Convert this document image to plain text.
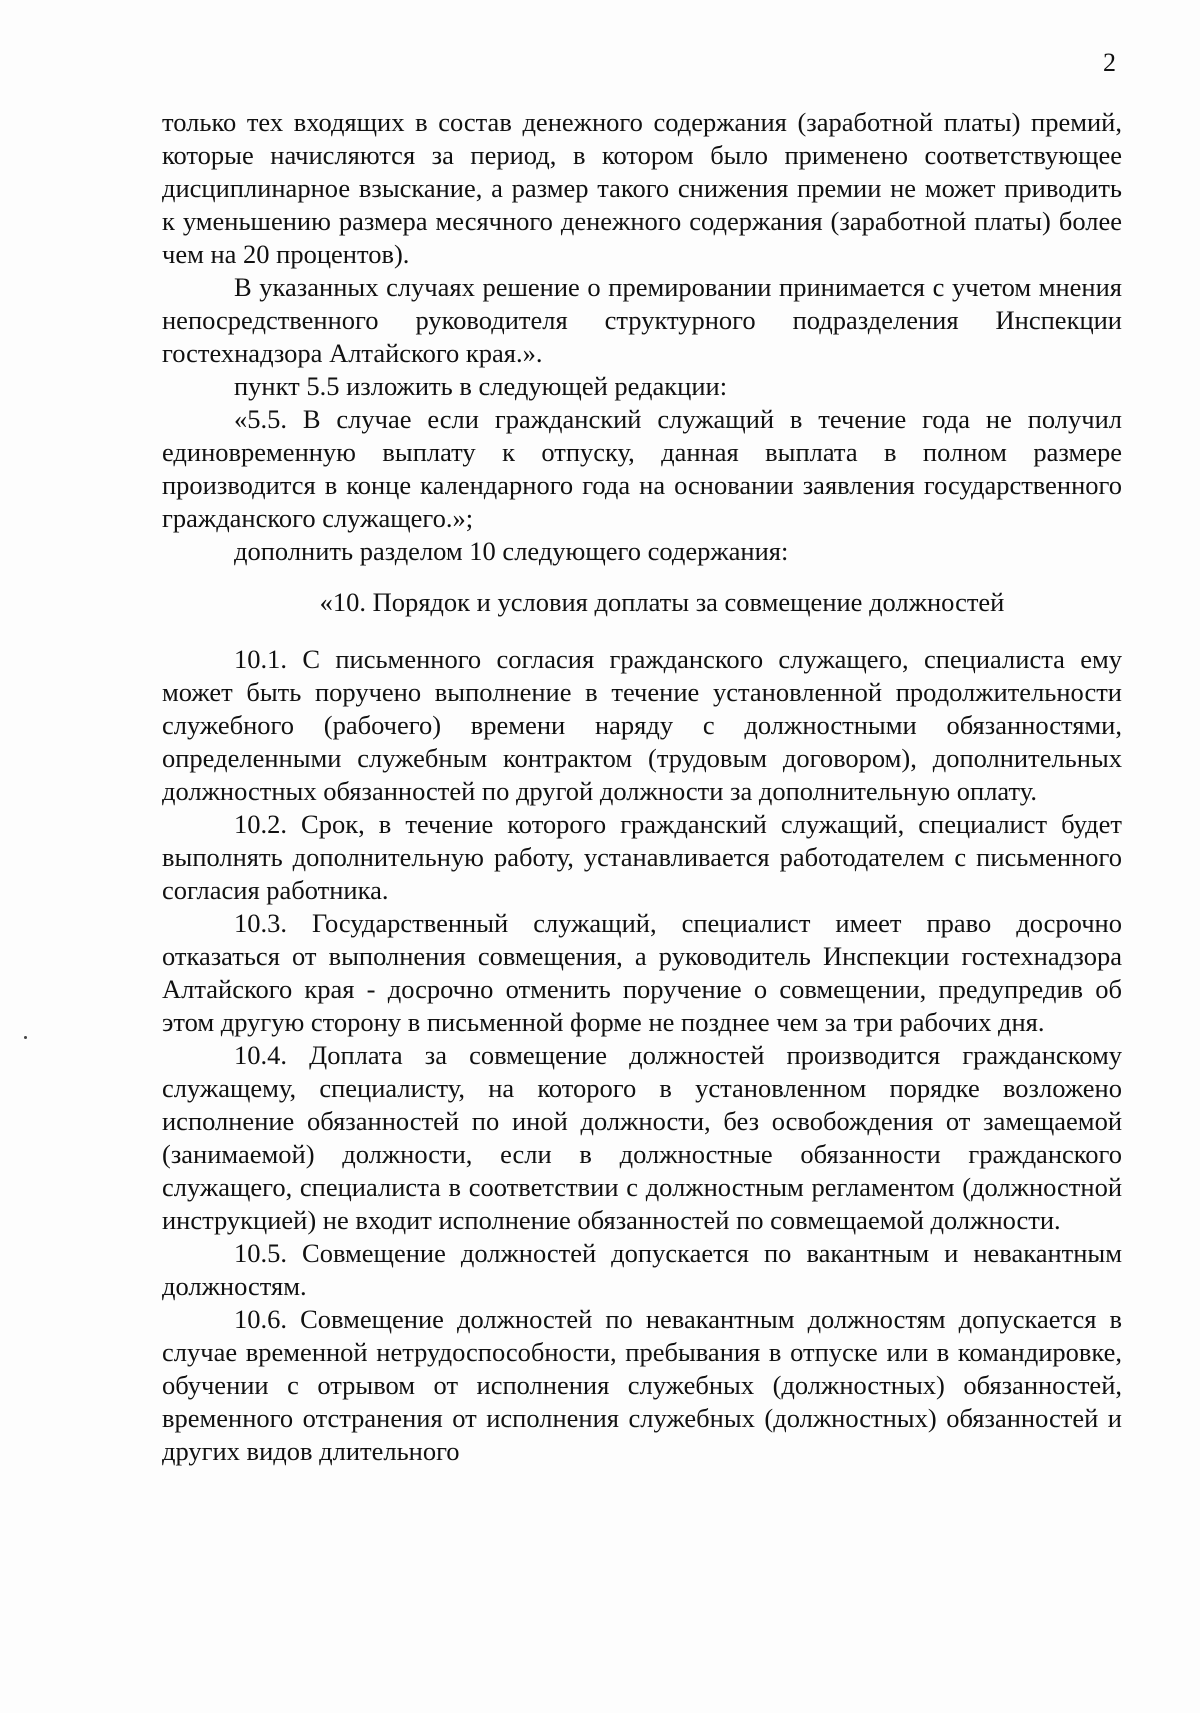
2

только тех входящих в состав денежного содержания (заработной платы) премий, которые начисляются за период, в котором было применено соответствующее дисциплинарное взыскание, а размер такого снижения премии не может приводить к уменьшению размера месячного денежного содержания (заработной платы) более чем на 20 процентов).

В указанных случаях решение о премировании принимается с учетом мнения непосредственного руководителя структурного подразделения Инспекции гостехнадзора Алтайского края.».

пункт 5.5 изложить в следующей редакции:

«5.5. В случае если гражданский служащий в течение года не получил единовременную выплату к отпуску, данная выплата в полном размере производится в конце календарного года на основании заявления государственного гражданского служащего.»;

дополнить разделом 10 следующего содержания:

«10. Порядок и условия доплаты за совмещение должностей

10.1. С письменного согласия гражданского служащего, специалиста ему может быть поручено выполнение в течение установленной продолжительности служебного (рабочего) времени наряду с должностными обязанностями, определенными служебным контрактом (трудовым договором), дополнительных должностных обязанностей по другой должности за дополнительную оплату.

10.2. Срок, в течение которого гражданский служащий, специалист будет выполнять дополнительную работу, устанавливается работодателем с письменного согласия работника.

10.3. Государственный служащий, специалист имеет право досрочно отказаться от выполнения совмещения, а руководитель Инспекции гостехнадзора Алтайского края - досрочно отменить поручение о совмещении, предупредив об этом другую сторону в письменной форме не позднее чем за три рабочих дня.

10.4. Доплата за совмещение должностей производится гражданскому служащему, специалисту, на которого в установленном порядке возложено исполнение обязанностей по иной должности, без освобождения от замещаемой (занимаемой) должности, если в должностные обязанности гражданского служащего, специалиста в соответствии с должностным регламентом (должностной инструкцией) не входит исполнение обязанностей по совмещаемой должности.

10.5. Совмещение должностей допускается по вакантным и невакантным должностям.

10.6. Совмещение должностей по невакантным должностям допускается в случае временной нетрудоспособности, пребывания в отпуске или в командировке, обучении с отрывом от исполнения служебных (должностных) обязанностей, временного отстранения от исполнения служебных (должностных) обязанностей и других видов длительного
